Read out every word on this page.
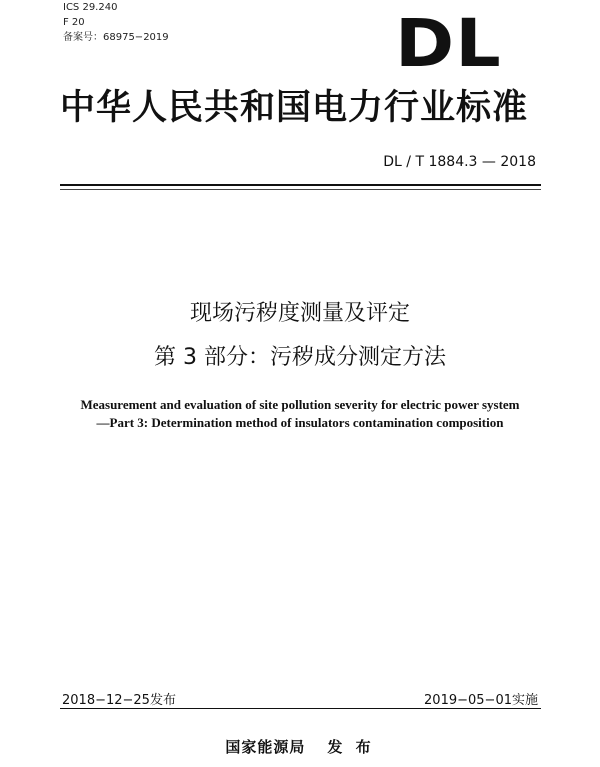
ICS 29.240
F 20
备案号：68975−2019	DL
中华人民共和国电力行业标准
DL / T 1884.3 — 2018
现场污秽度测量及评定
第 3 部分：污秽成分测定方法
Measurement and evaluation of site pollution severity for electric power system
—Part 3: Determination method of insulators contamination composition
2018−12−25发布	2019−05−01实施
国家能源局 发 布
